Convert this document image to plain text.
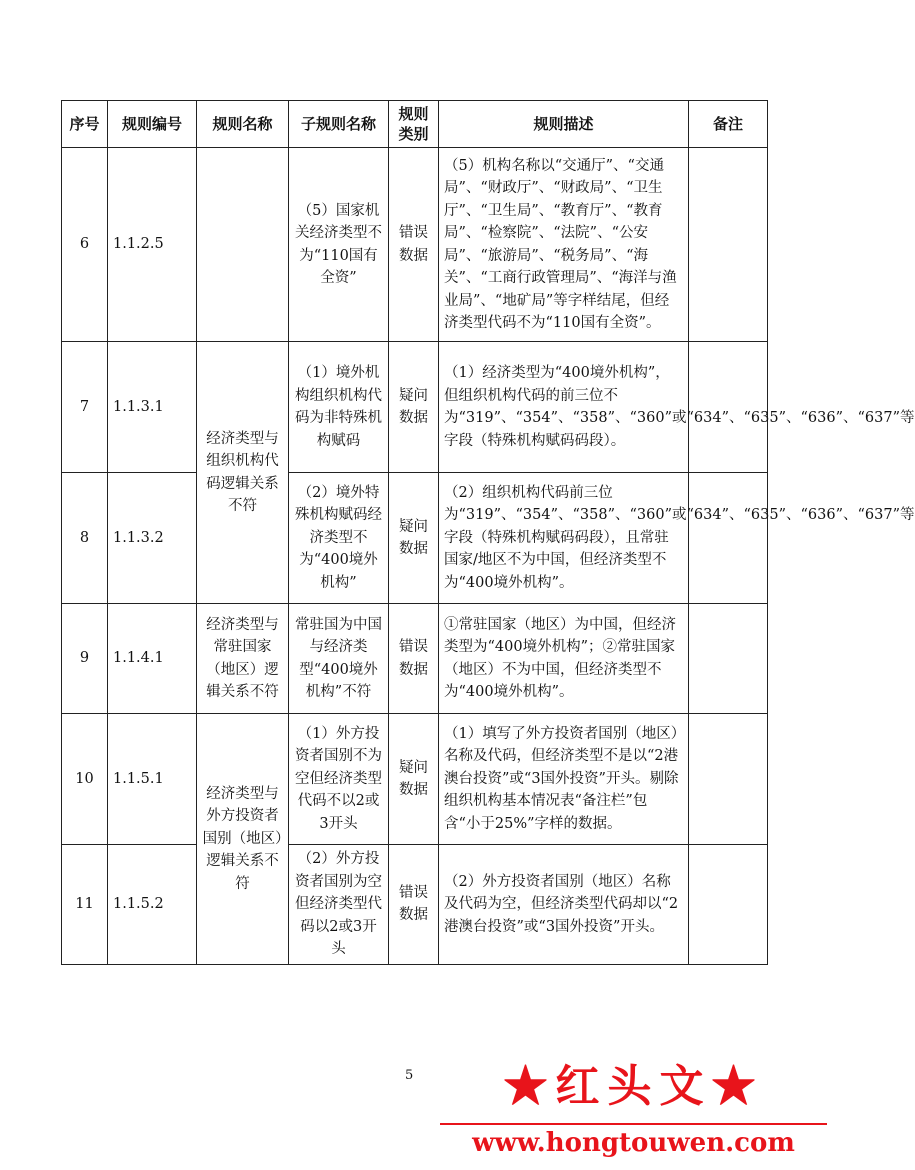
序号	规则编号	规则名称	子规则名称	规则类别	规则描述	备注
6	1.1.2.5		（5）国家机关经济类型不为“110国有全资”	错误数据	（5）机构名称以“交通厅”、“交通局”、“财政厅”、“财政局”、“卫生厅”、“卫生局”、“教育厅”、“教育局”、“检察院”、“法院”、“公安局”、“旅游局”、“税务局”、“海关”、“工商行政管理局”、“海洋与渔业局”、“地矿局”等字样结尾，但经济类型代码不为“110国有全资”。	
7	1.1.3.1	经济类型与组织机构代码逻辑关系不符	（1）境外机构组织机构代码为非特殊机构赋码	疑问数据	（1）经济类型为“400境外机构”，但组织机构代码的前三位不为“319”、“354”、“358”、“360”或“634”、“635”、“636”、“637”等字段（特殊机构赋码码段）。	
8	1.1.3.2		（2）境外特殊机构赋码经济类型不为“400境外机构”	疑问数据	（2）组织机构代码前三位为“319”、“354”、“358”、“360”或“634”、“635”、“636”、“637”等字段（特殊机构赋码码段），且常驻国家/地区不为中国，但经济类型不为“400境外机构”。	
9	1.1.4.1	经济类型与常驻国家（地区）逻辑关系不符	常驻国为中国与经济类型“400境外机构”不符	错误数据	①常驻国家（地区）为中国，但经济类型为“400境外机构”；②常驻国家（地区）不为中国，但经济类型不为“400境外机构”。	
10	1.1.5.1	经济类型与外方投资者国别（地区）逻辑关系不符	（1）外方投资者国别不为空但经济类型代码不以2或3开头	疑问数据	（1）填写了外方投资者国别（地区）名称及代码，但经济类型不是以“2港澳台投资”或“3国外投资”开头。剔除组织机构基本情况表“备注栏”包含“小于25%”字样的数据。	
11	1.1.5.2		（2）外方投资者国别为空但经济类型代码以2或3开头	错误数据	（2）外方投资者国别（地区）名称及代码为空，但经济类型代码却以“2港澳台投资”或“3国外投资”开头。	
5	★红头文★
www.hongtouwen.com
